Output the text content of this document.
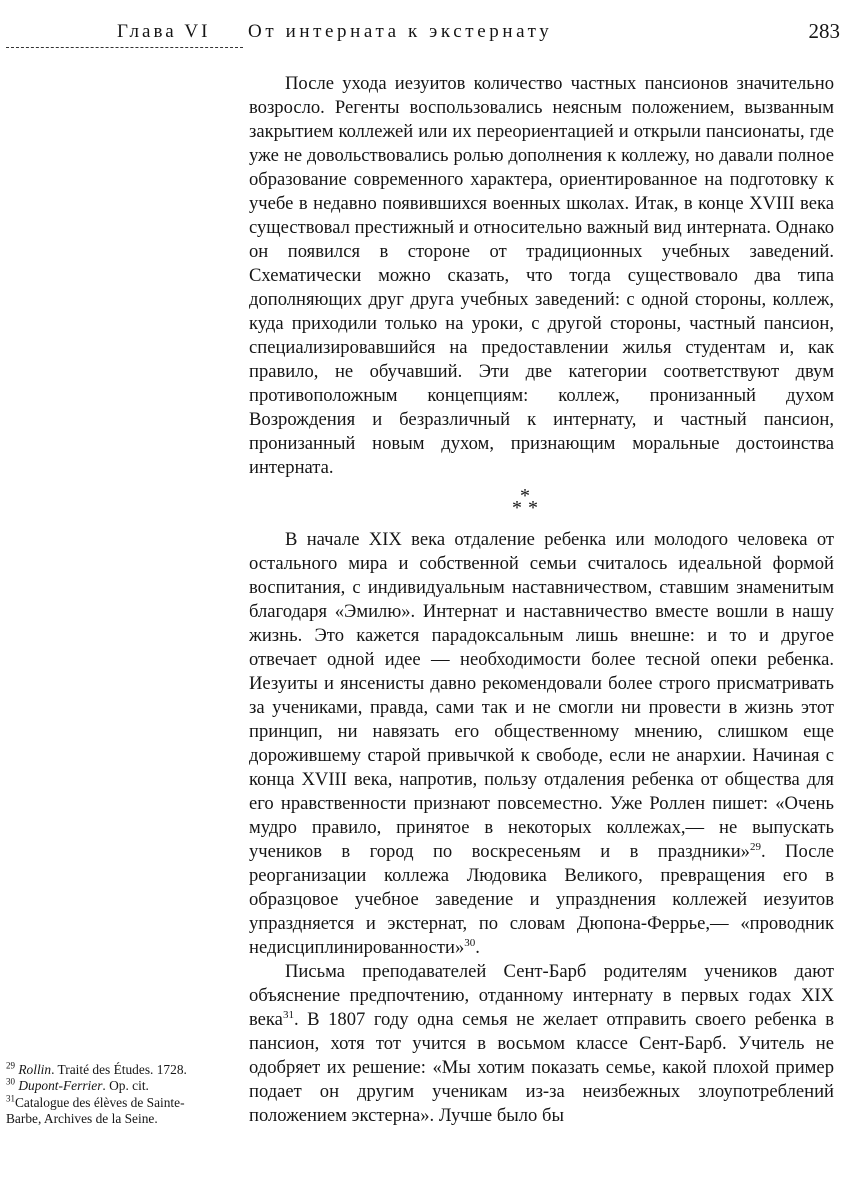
Глава VI От интерната к экстернату	283

После ухода иезуитов количество частных пансионов значительно возросло. Регенты воспользовались неясным положением, вызванным закрытием коллежей или их переориентацией и открыли пансионаты, где уже не довольствовались ролью дополнения к коллежу, но давали полное образование современного характера, ориентированное на подготовку к учебе в недавно появившихся военных школах. Итак, в конце XVIII века существовал престижный и относительно важный вид интерната. Однако он появился в стороне от традиционных учебных заведений. Схематически можно сказать, что тогда существовало два типа дополняющих друг друга учебных заведений: с одной стороны, коллеж, куда приходили только на уроки, с другой стороны, частный пансион, специализировавшийся на предоставлении жилья студентам и, как правило, не обучавший. Эти две категории соответствуют двум противоположным концепциям: коллеж, пронизанный духом Возрождения и безразличный к интернату, и частный пансион, пронизанный новым духом, признающим моральные достоинства интерната.

*
* *

В начале XIX века отдаление ребенка или молодого человека от остального мира и собственной семьи считалось идеальной формой воспитания, с индивидуальным наставничеством, ставшим знаменитым благодаря «Эмилю». Интернат и наставничество вместе вошли в нашу жизнь. Это кажется парадоксальным лишь внешне: и то и другое отвечает одной идее — необходимости более тесной опеки ребенка. Иезуиты и янсенисты давно рекомендовали более строго присматривать за учениками, правда, сами так и не смогли ни провести в жизнь этот принцип, ни навязать его общественному мнению, слишком еще дорожившему старой привычкой к свободе, если не анархии. Начиная с конца XVIII века, напротив, пользу отдаления ребенка от общества для его нравственности признают повсеместно. Уже Роллен пишет: «Очень мудро правило, принятое в некоторых коллежах,— не выпускать учеников в город по воскресеньям и в праздники»$^{29}$. После реорганизации коллежа Людовика Великого, превращения его в образцовое учебное заведение и упразднения коллежей иезуитов упраздняется и экстернат, по словам Дюпона-Феррье,— «проводник недисциплинированности»$^{30}$.

Письма преподавателей Сент-Барб родителям учеников дают объяснение предпочтению, отданному интернату в первых годах XIX века$^{31}$. В 1807 году одна семья не желает отправить своего ребенка в пансион, хотя тот учится в восьмом классе Сент-Барб. Учитель не одобряет их решение: «Мы хотим показать семье, какой плохой пример подает он другим ученикам из-за неизбежных злоупотреблений положением экстерна». Лучше было бы

$^{29}$ Rollin. Traité des Études. 1728.

$^{30}$ Dupont-Ferrier. Op. cit.

$^{31}$Catalogue des élèves de Sainte-Barbe, Archives de la Seine.
